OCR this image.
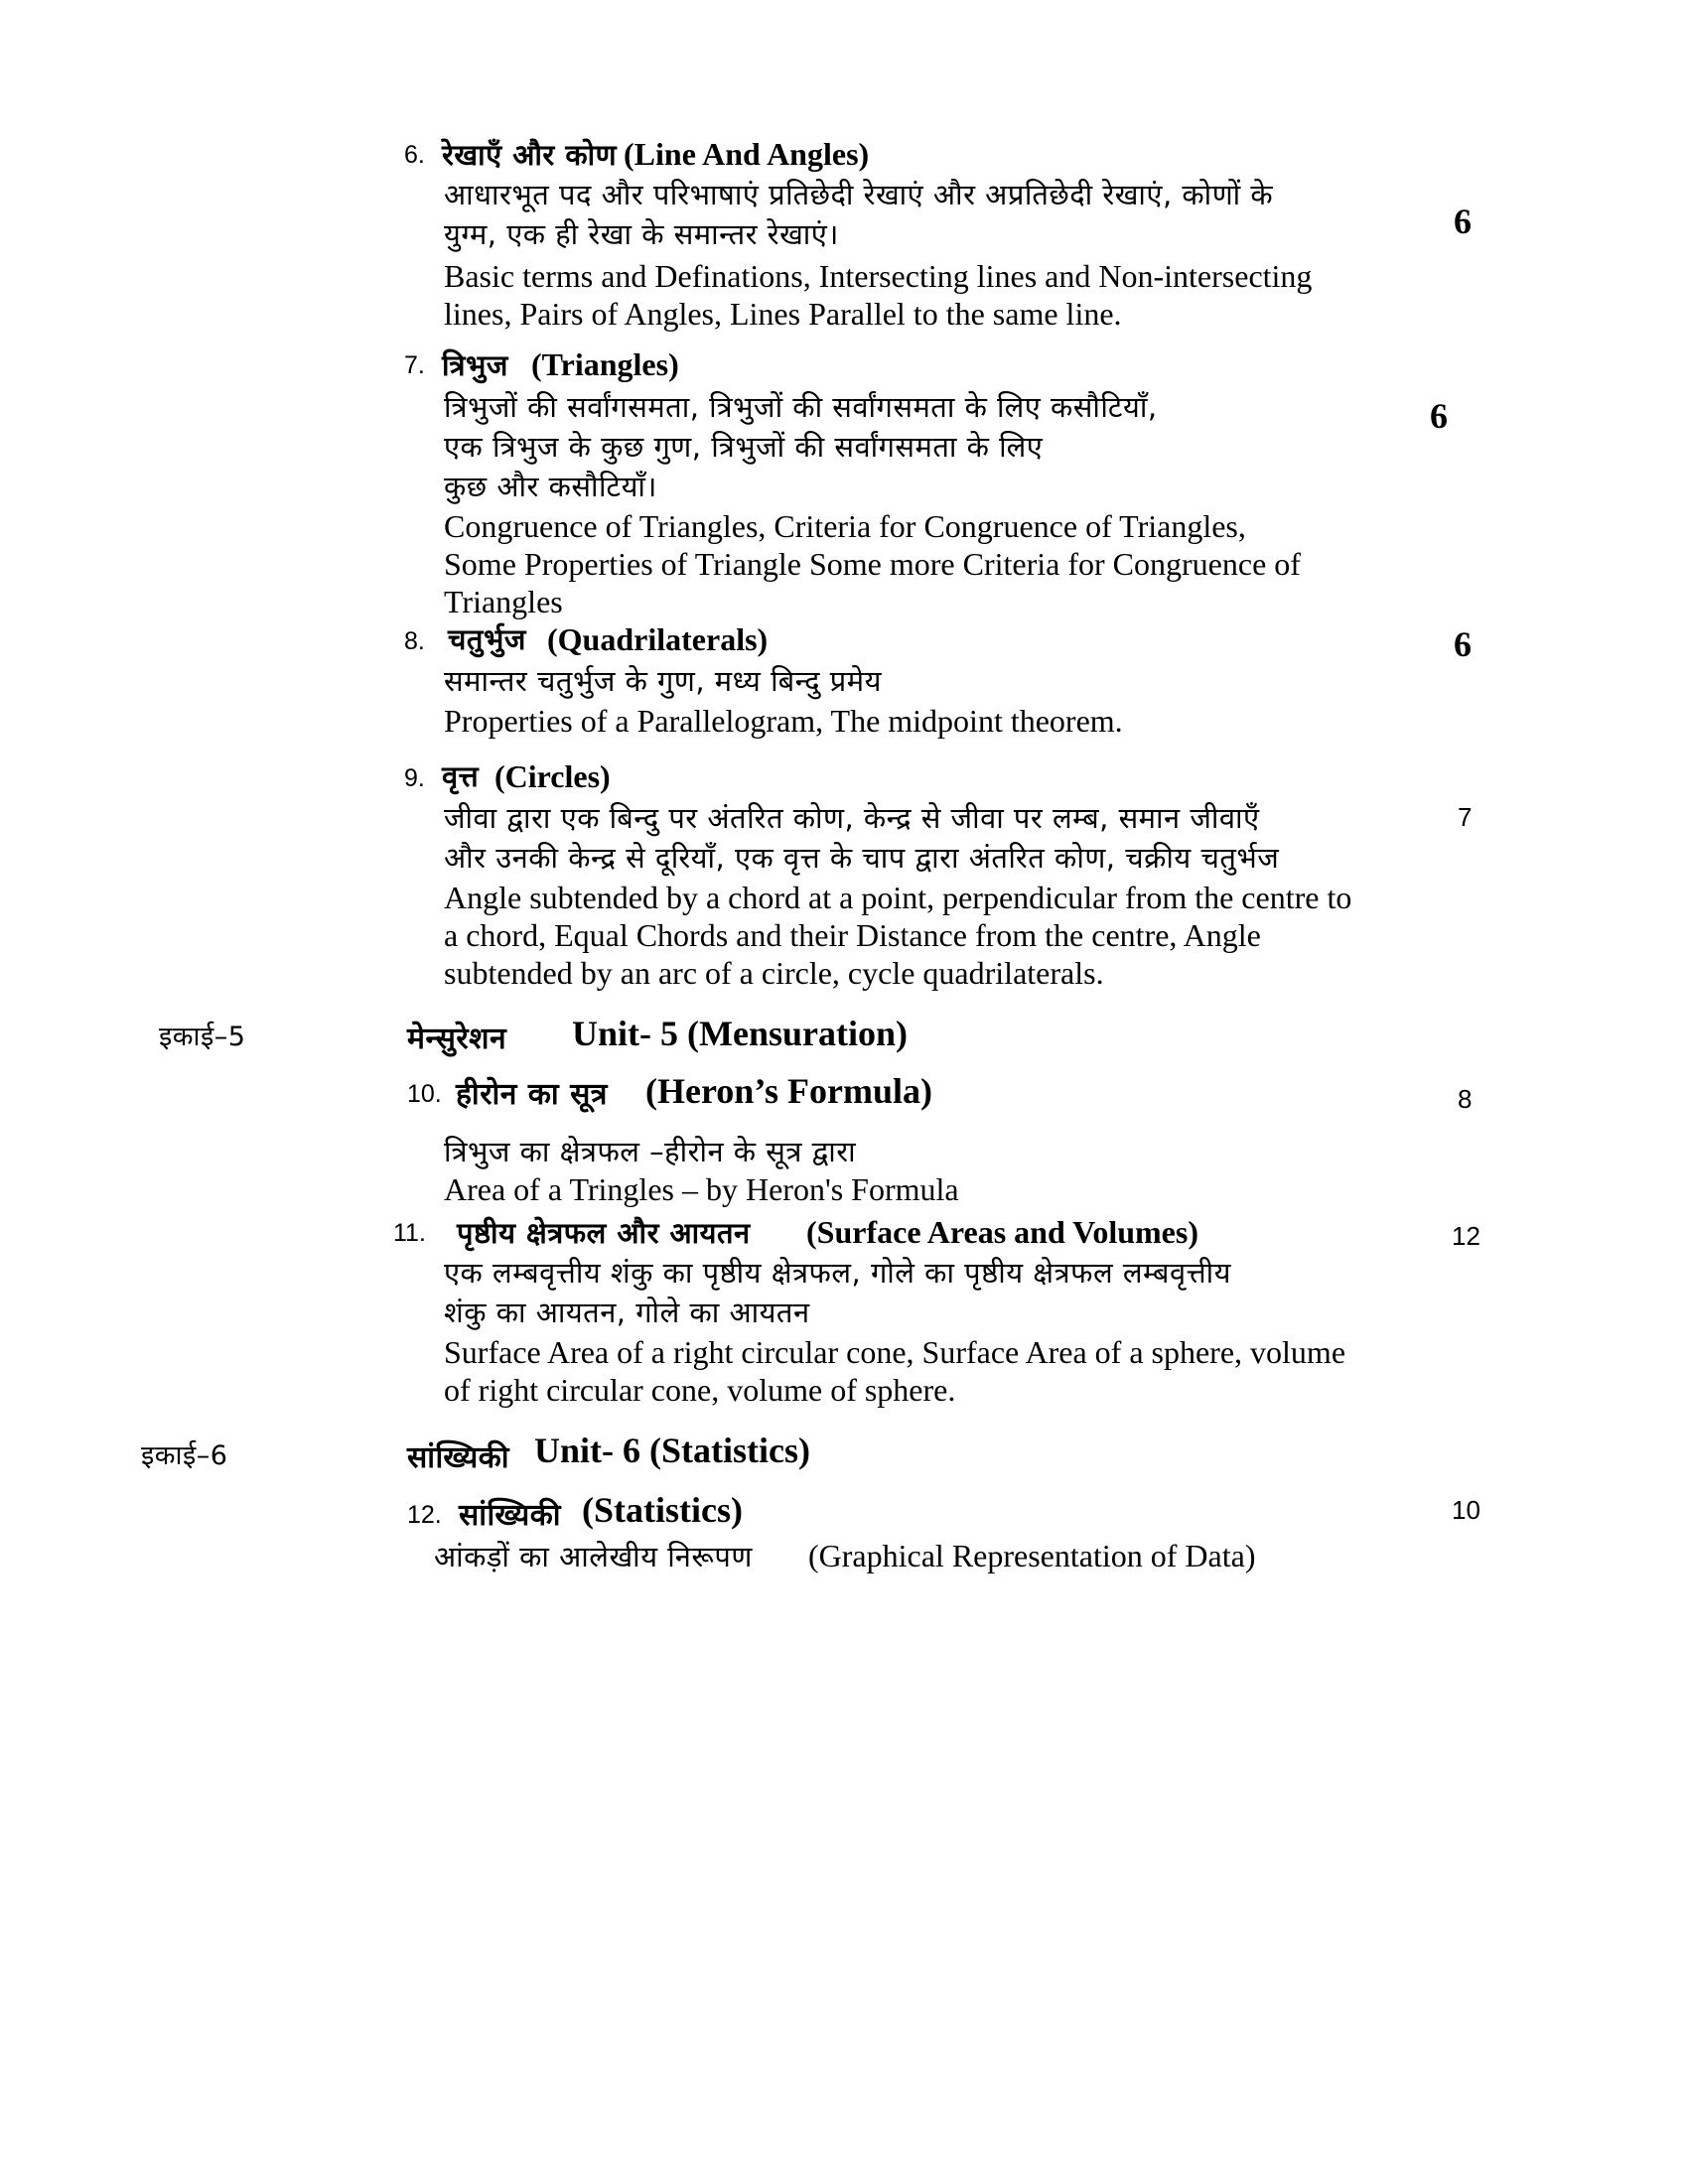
6. रेखाएँ और कोण (Line And Angles)
आधारभूत पद और परिभाषाएं प्रतिछेदी रेखाएं और अप्रतिछेदी रेखाएं, कोणों के
युग्म, एक ही रेखा के समान्तर रेखाएं।
Basic terms and Definations, Intersecting lines and Non-intersecting
lines, Pairs of Angles, Lines Parallel to the same line.
6
7. त्रिभुज (Triangles)
त्रिभुजों की सर्वांगसमता, त्रिभुजों की सर्वांगसमता के लिए कसौटियाँ,
एक त्रिभुज के कुछ गुण, त्रिभुजों की सर्वांगसमता के लिए
कुछ और कसौटियाँ।
Congruence of Triangles, Criteria for Congruence of Triangles,
Some Properties of Triangle Some more Criteria for Congruence of
Triangles
6
8. चतुर्भुज (Quadrilaterals)
समान्तर चतुर्भुज के गुण, मध्य बिन्दु प्रमेय
Properties of a Parallelogram, The midpoint theorem.
6
9. वृत्त (Circles)
जीवा द्वारा एक बिन्दु पर अंतरित कोण, केन्द्र से जीवा पर लम्ब, समान जीवाएँ
और उनकी केन्द्र से दूरियाँ, एक वृत्त के चाप द्वारा अंतरित कोण, चक्रीय चतुर्भज
Angle subtended by a chord at a point, perpendicular from the centre to
a chord, Equal Chords and their Distance from the centre, Angle
subtended by an arc of a circle, cycle quadrilaterals.
7
इकाई–5	मेन्सुरेशन Unit- 5 (Mensuration)
10. हीरोन का सूत्र (Heron’s Formula)
त्रिभुज का क्षेत्रफल –हीरोन के सूत्र द्वारा
Area of a Tringles – by Heron's Formula
8
11. पृष्ठीय क्षेत्रफल और आयतन (Surface Areas and Volumes)
एक लम्बवृत्तीय शंकु का पृष्ठीय क्षेत्रफल, गोले का पृष्ठीय क्षेत्रफल लम्बवृत्तीय
शंकु का आयतन, गोले का आयतन
Surface Area of a right circular cone, Surface Area of a sphere, volume
of right circular cone, volume of sphere.
12
इकाई–6	सांख्यिकी Unit- 6 (Statistics)
12. सांख्यिकी (Statistics)
आंकड़ों का आलेखीय निरूपण (Graphical Representation of Data)
10
